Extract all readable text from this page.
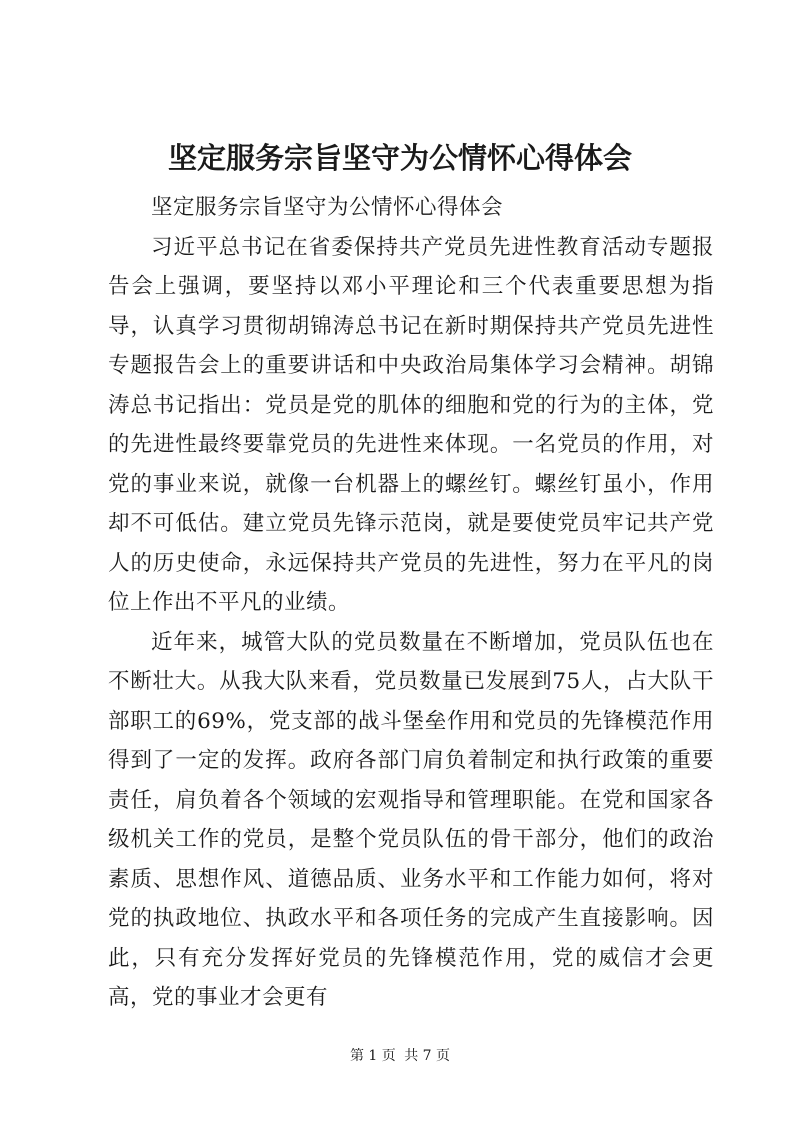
坚定服务宗旨坚守为公情怀心得体会

坚定服务宗旨坚守为公情怀心得体会

习近平总书记在省委保持共产党员先进性教育活动专题报告会上强调，要坚持以邓小平理论和三个代表重要思想为指导，认真学习贯彻胡锦涛总书记在新时期保持共产党员先进性专题报告会上的重要讲话和中央政治局集体学习会精神。胡锦涛总书记指出：党员是党的肌体的细胞和党的行为的主体，党的先进性最终要靠党员的先进性来体现。一名党员的作用，对党的事业来说，就像一台机器上的螺丝钉。螺丝钉虽小，作用却不可低估。建立党员先锋示范岗，就是要使党员牢记共产党人的历史使命，永远保持共产党员的先进性，努力在平凡的岗位上作出不平凡的业绩。

近年来，城管大队的党员数量在不断增加，党员队伍也在不断壮大。从我大队来看，党员数量已发展到75人，占大队干部职工的69%，党支部的战斗堡垒作用和党员的先锋模范作用得到了一定的发挥。政府各部门肩负着制定和执行政策的重要责任，肩负着各个领域的宏观指导和管理职能。在党和国家各级机关工作的党员，是整个党员队伍的骨干部分，他们的政治素质、思想作风、道德品质、业务水平和工作能力如何，将对党的执政地位、执政水平和各项任务的完成产生直接影响。因此，只有充分发挥好党员的先锋模范作用，党的威信才会更高，党的事业才会更有

第 1 页 共 7 页
